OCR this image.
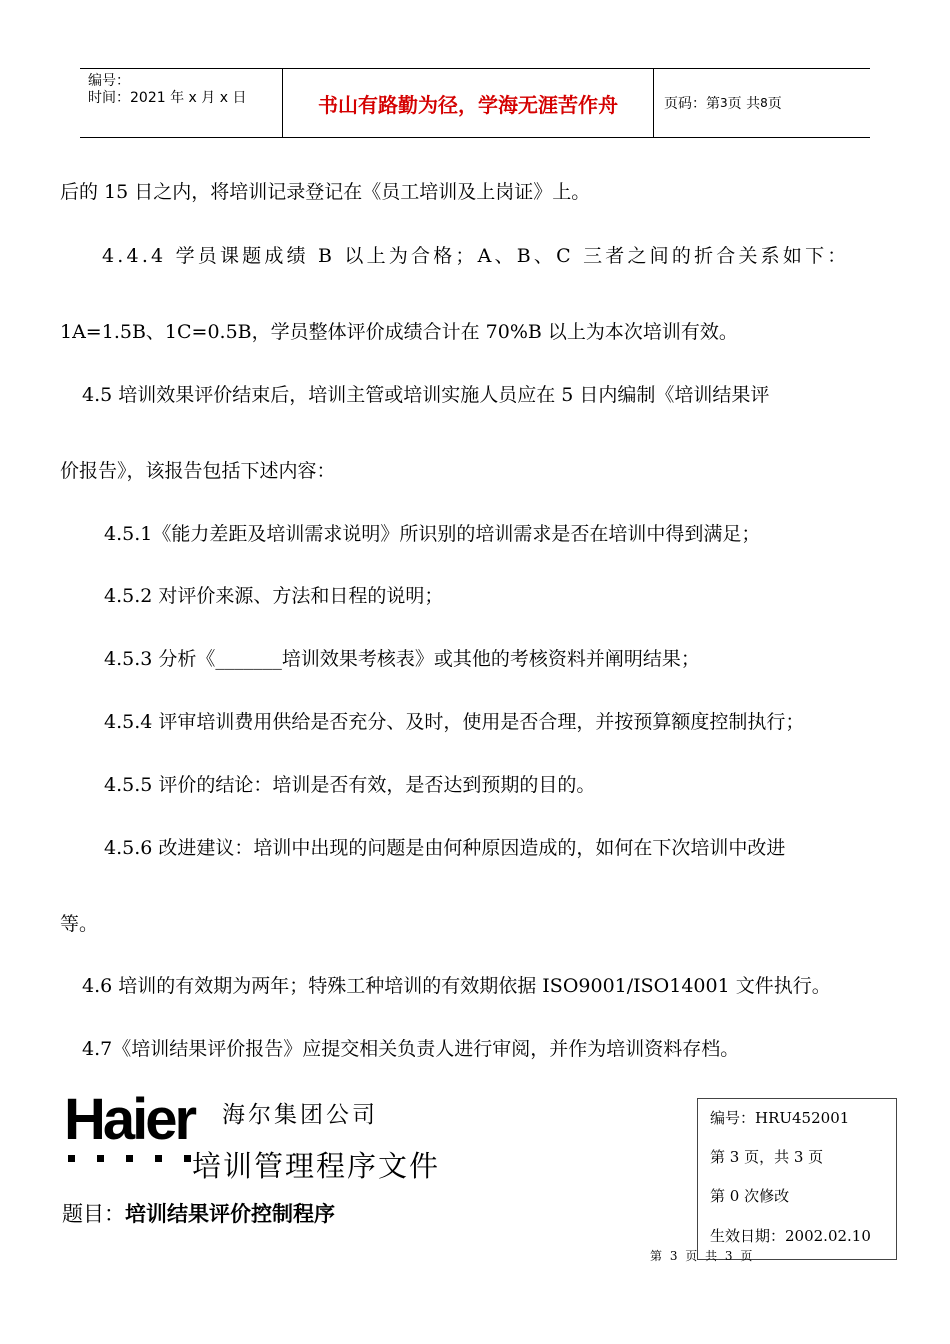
编号：
时间：2021 年 x 月 x 日	书山有路勤为径，学海无涯苦作舟	页码：第 3 页 共 8 页
后的 15 日之内，将培训记录登记在《员工培训及上岗证》上。
4.4.4 学员课题成绩 B 以上为合格；A、B、C 三者之间的折合关系如下：
1A=1.5B、1C=0.5B，学员整体评价成绩合计在 70%B 以上为本次培训有效。
4.5 培训效果评价结束后，培训主管或培训实施人员应在 5 日内编制《培训结果评
价报告》，该报告包括下述内容：
4.5.1《能力差距及培训需求说明》所识别的培训需求是否在培训中得到满足；
4.5.2 对评价来源、方法和日程的说明；
4.5.3 分析《_______培训效果考核表》或其他的考核资料并阐明结果；
4.5.4 评审培训费用供给是否充分、及时，使用是否合理，并按预算额度控制执行；
4.5.5 评价的结论：培训是否有效，是否达到预期的目的。
4.5.6 改进建议：培训中出现的问题是由何种原因造成的，如何在下次培训中改进
等。
4.6 培训的有效期为两年；特殊工种培训的有效期依据 ISO9001/ISO14001 文件执行。
4.7《培训结果评价报告》应提交相关负责人进行审阅，并作为培训资料存档。
Haier	海尔集团公司
培训管理程序文件
题目：培训结果评价控制程序
编号：HRU452001
第 3 页，共 3 页
第 0 次修改
生效日期：2002.02.10
第 3 页 共 3 页
